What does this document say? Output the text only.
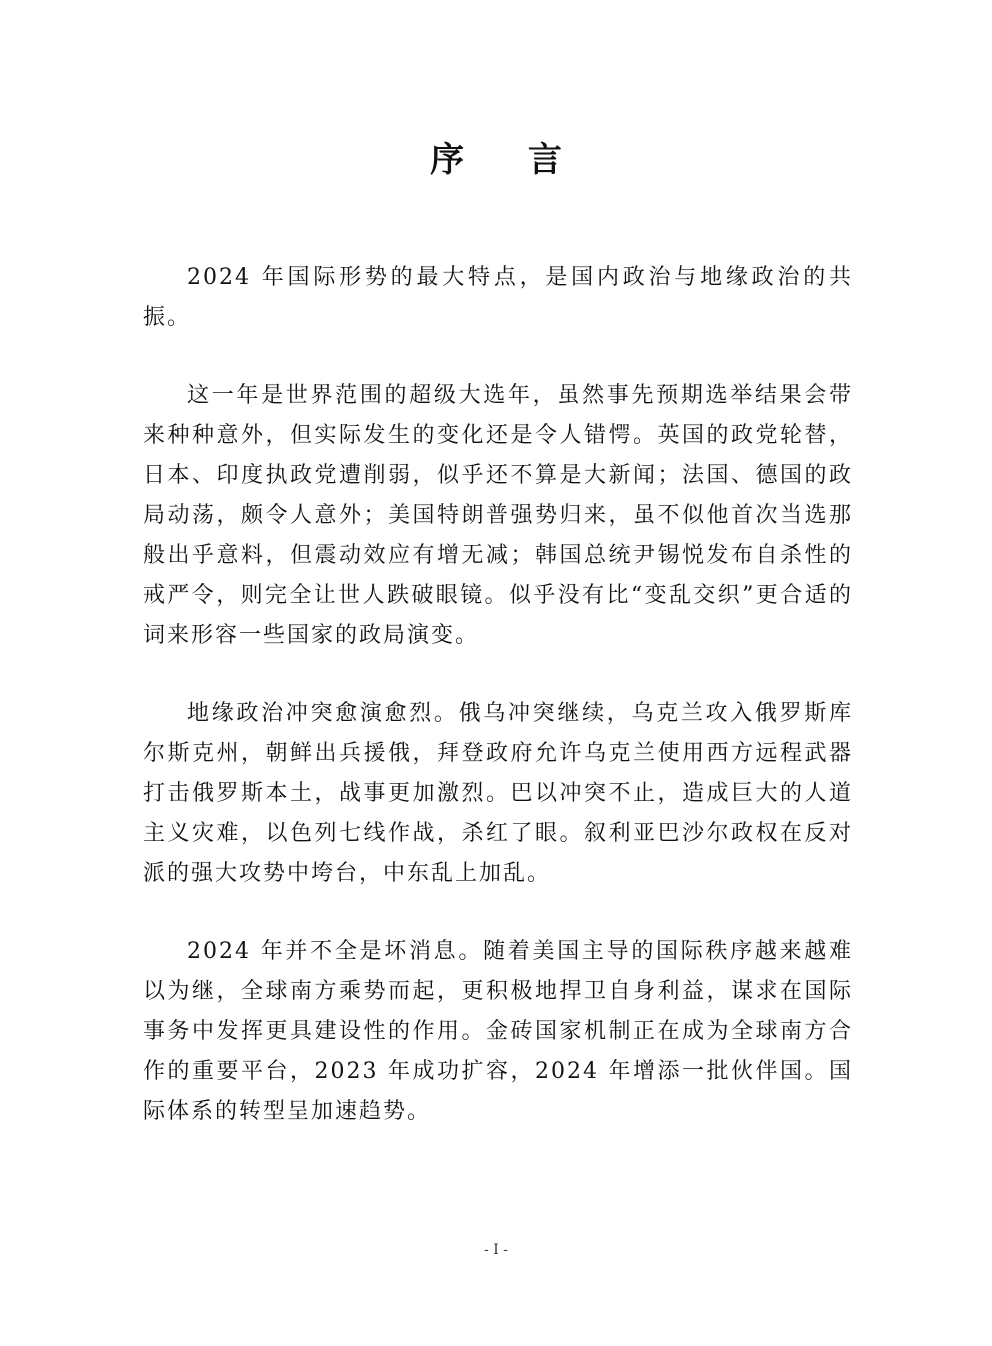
序 言

2024 年国际形势的最大特点，是国内政治与地缘政治的共振。

这一年是世界范围的超级大选年，虽然事先预期选举结果会带来种种意外，但实际发生的变化还是令人错愕。英国的政党轮替，日本、印度执政党遭削弱，似乎还不算是大新闻；法国、德国的政局动荡，颇令人意外；美国特朗普强势归来，虽不似他首次当选那般出乎意料，但震动效应有增无减；韩国总统尹锡悦发布自杀性的戒严令，则完全让世人跌破眼镜。似乎没有比“变乱交织”更合适的词来形容一些国家的政局演变。

地缘政治冲突愈演愈烈。俄乌冲突继续，乌克兰攻入俄罗斯库尔斯克州，朝鲜出兵援俄，拜登政府允许乌克兰使用西方远程武器打击俄罗斯本土，战事更加激烈。巴以冲突不止，造成巨大的人道主义灾难，以色列七线作战，杀红了眼。叙利亚巴沙尔政权在反对派的强大攻势中垮台，中东乱上加乱。

2024 年并不全是坏消息。随着美国主导的国际秩序越来越难以为继，全球南方乘势而起，更积极地捍卫自身利益，谋求在国际事务中发挥更具建设性的作用。金砖国家机制正在成为全球南方合作的重要平台，2023 年成功扩容，2024 年增添一批伙伴国。国际体系的转型呈加速趋势。

- I -
